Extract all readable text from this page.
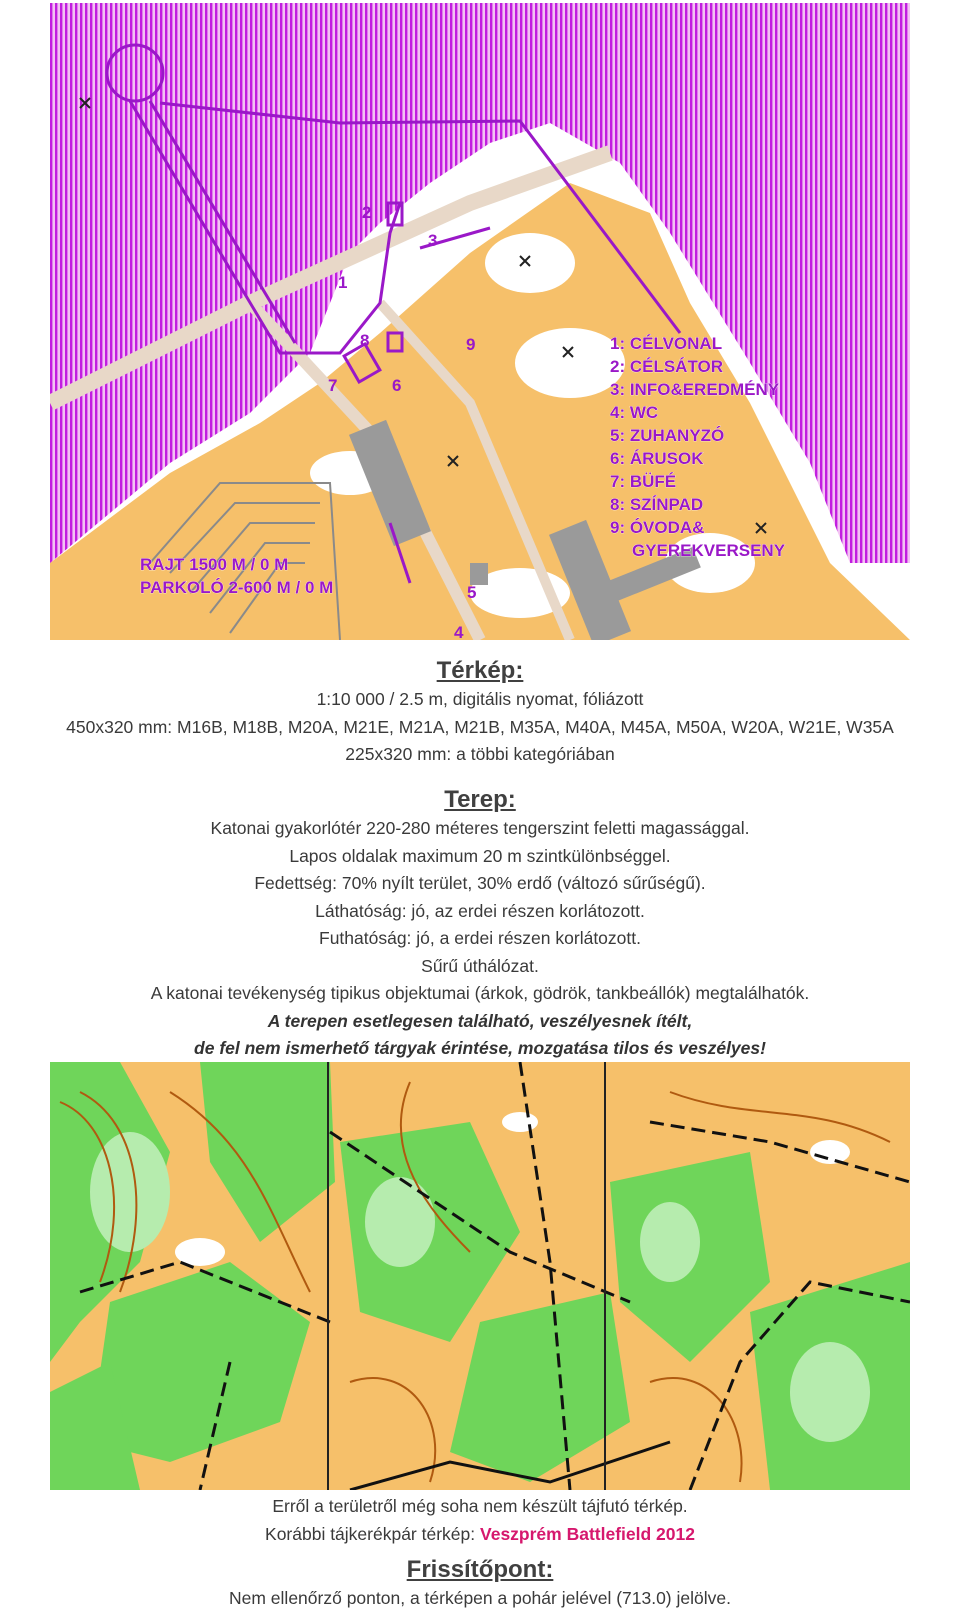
1
2
3
5
6
7
8	9
4
1: CÉLVONAL
2: CÉLSÁTOR
3: INFO&EREDMÉNY
4: WC
5: ZUHANYZÓ
6: ÁRUSOK
7: BÜFÉ
8: SZÍNPAD
9: ÓVODA&
GYEREKVERSENY
RAJT 1500 M / 0 M
PARKOLÓ 2-600 M / 0 M
Térkép:
1:10 000 / 2.5 m, digitális nyomat, fóliázott
450x320 mm: M16B, M18B, M20A, M21E, M21A, M21B, M35A, M40A, M45A, M50A, W20A, W21E, W35A
225x320 mm: a többi kategóriában
Terep:
Katonai gyakorlótér 220-280 méteres tengerszint feletti magassággal.
Lapos oldalak maximum 20 m szintkülönbséggel.
Fedettség: 70% nyílt terület, 30% erdő (változó sűrűségű).
Láthatóság: jó, az erdei részen korlátozott.
Futhatóság: jó, a erdei részen korlátozott.
Sűrű úthálózat.
A katonai tevékenység tipikus objektumai (árkok, gödrök, tankbeállók) megtalálhatók.
A terepen esetlegesen található, veszélyesnek ítélt,
de fel nem ismerhető tárgyak érintése, mozgatása tilos és veszélyes!
Erről a területről még soha nem készült tájfutó térkép.
Korábbi tájkerékpár térkép: Veszprém Battlefield 2012
Frissítőpont:
Nem ellenőrző ponton, a térképen a pohár jelével (713.0) jelölve.
